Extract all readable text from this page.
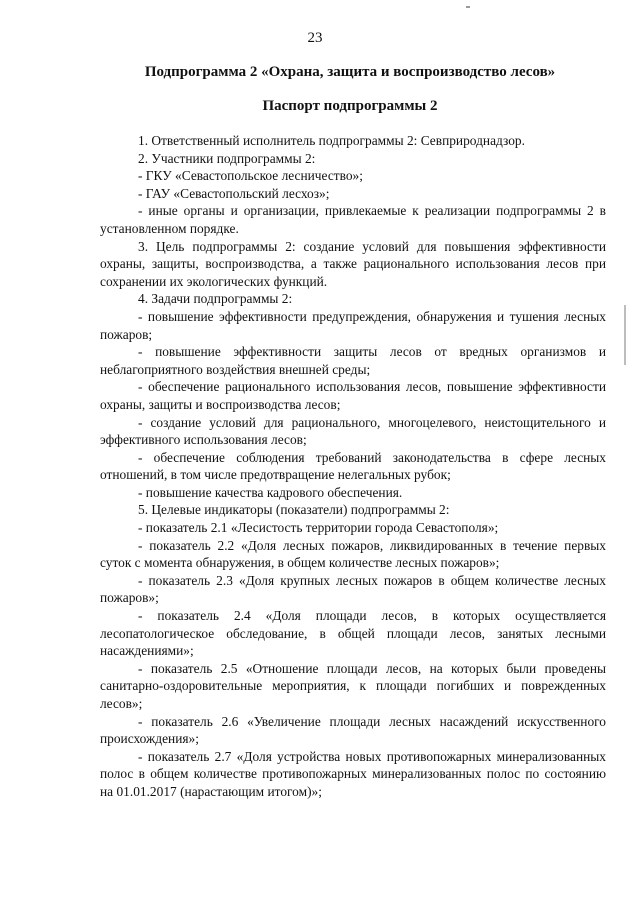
23
Подпрограмма 2 «Охрана, защита и воспроизводство лесов»
Паспорт подпрограммы 2

1. Ответственный исполнитель подпрограммы 2: Севприроднадзор.

2. Участники подпрограммы 2:

- ГКУ «Севастопольское лесничество»;

- ГАУ «Севастопольский лесхоз»;

- иные органы и организации, привлекаемые к реализации подпрограммы 2 в установленном порядке.

3. Цель подпрограммы 2: создание условий для повышения эффективности охраны, защиты, воспроизводства, а также рационального использования лесов при сохранении их экологических функций.

4. Задачи подпрограммы 2:

- повышение эффективности предупреждения, обнаружения и тушения лесных пожаров;

- повышение эффективности защиты лесов от вредных организмов и неблагоприятного воздействия внешней среды;

- обеспечение рационального использования лесов, повышение эффективности охраны, защиты и воспроизводства лесов;

- создание условий для рационального, многоцелевого, неистощительного и эффективного использования лесов;

- обеспечение соблюдения требований законодательства в сфере лесных отношений, в том числе предотвращение нелегальных рубок;

- повышение качества кадрового обеспечения.

5. Целевые индикаторы (показатели) подпрограммы 2:

- показатель 2.1 «Лесистость территории города Севастополя»;

- показатель 2.2 «Доля лесных пожаров, ликвидированных в течение первых суток с момента обнаружения, в общем количестве лесных пожаров»;

- показатель 2.3 «Доля крупных лесных пожаров в общем количестве лесных пожаров»;

- показатель 2.4 «Доля площади лесов, в которых осуществляется лесопатологическое обследование, в общей площади лесов, занятых лесными насаждениями»;

- показатель 2.5 «Отношение площади лесов, на которых были проведены санитарно-оздоровительные мероприятия, к площади погибших и поврежденных лесов»;

- показатель 2.6 «Увеличение площади лесных насаждений искусственного происхождения»;

- показатель 2.7 «Доля устройства новых противопожарных минерализованных полос в общем количестве противопожарных минерализованных полос по состоянию на 01.01.2017 (нарастающим итогом)»;
